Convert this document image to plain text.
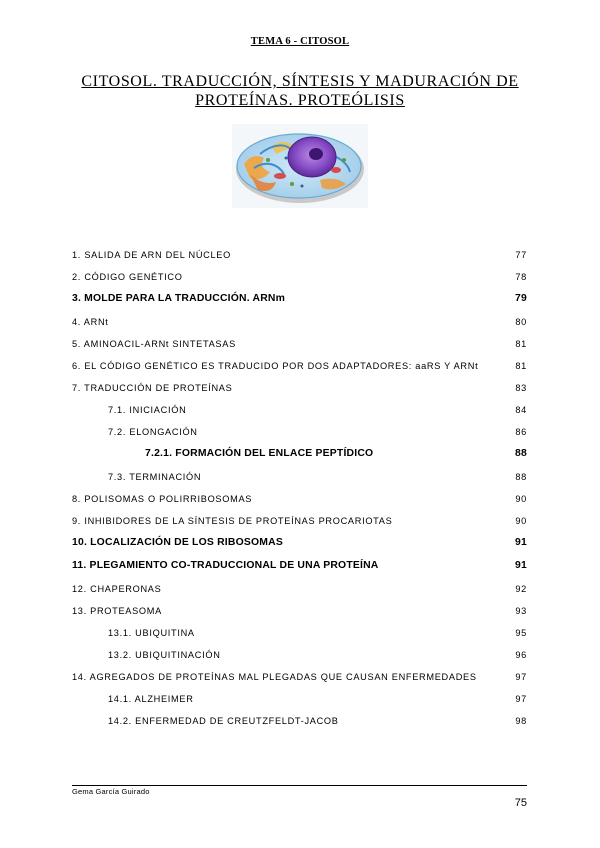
TEMA 6 - CITOSOL
CITOSOL. TRADUCCIÓN, SÍNTESIS Y MADURACIÓN DE
PROTEÍNAS. PROTEÓLISIS
1. SALIDA DE ARN DEL NÚCLEO	77
2. CÓDIGO GENÉTICO	78
3. MOLDE PARA LA TRADUCCIÓN. ARNm	79
4. ARNt	80
5. AMINOACIL-ARNt SINTETASAS	81
6. EL CÓDIGO GENÉTICO ES TRADUCIDO POR DOS ADAPTADORES: aaRS Y ARNt	81
7. TRADUCCIÓN DE PROTEÍNAS	83
7.1. INICIACIÓN	84
7.2. ELONGACIÓN	86
7.2.1. FORMACIÓN DEL ENLACE PEPTÍDICO	88
7.3. TERMINACIÓN	88
8. POLISOMAS O POLIRRIBOSOMAS	90
9. INHIBIDORES DE LA SÍNTESIS DE PROTEÍNAS PROCARIOTAS	90
10. LOCALIZACIÓN DE LOS RIBOSOMAS	91
11. PLEGAMIENTO CO-TRADUCCIONAL DE UNA PROTEÍNA	91
12. CHAPERONAS	92
13. PROTEASOMA	93
13.1. UBIQUITINA	95
13.2. UBIQUITINACIÓN	96
14. AGREGADOS DE PROTEÍNAS MAL PLEGADAS QUE CAUSAN ENFERMEDADES	97
14.1. ALZHEIMER	97
14.2. ENFERMEDAD DE CREUTZFELDT-JACOB	98
Gema García Guirado
75
